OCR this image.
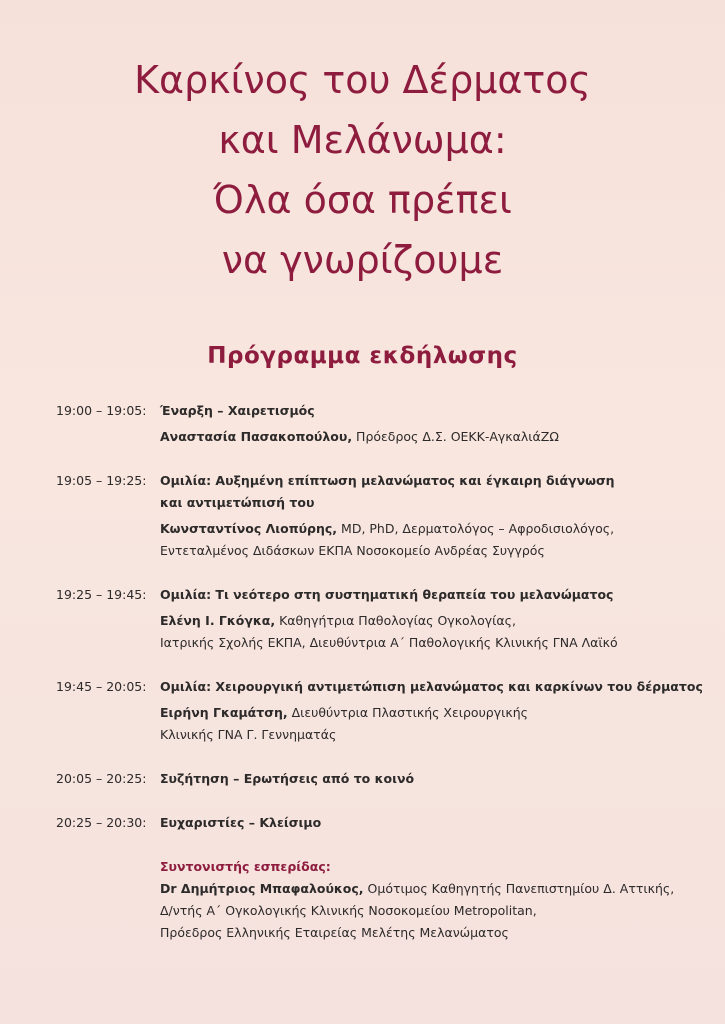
Καρκίνος του Δέρματος
και Μελάνωμα:
Όλα όσα πρέπει
να γνωρίζουμε
Πρόγραμμα εκδήλωσης
19:00 – 19:05:	Έναρξη – Χαιρετισμός
Αναστασία Πασακοπούλου, Πρόεδρος Δ.Σ. ΟΕΚΚ-ΑγκαλιάΖΩ
19:05 – 19:25:	Ομιλία: Αυξημένη επίπτωση μελανώματος και έγκαιρη διάγνωση
και αντιμετώπισή του
Κωνσταντίνος Λιοπύρης, MD, PhD, Δερματολόγος – Αφροδισιολόγος,
Εντεταλμένος Διδάσκων ΕΚΠΑ Νοσοκομείο Ανδρέας Συγγρός
19:25 – 19:45:	Ομιλία: Τι νεότερο στη συστηματική θεραπεία του μελανώματος
Ελένη Ι. Γκόγκα, Καθηγήτρια Παθολογίας Ογκολογίας,
Ιατρικής Σχολής ΕΚΠΑ, Διευθύντρια Α΄ Παθολογικής Κλινικής ΓΝΑ Λαϊκό
19:45 – 20:05:	Ομιλία: Χειρουργική αντιμετώπιση μελανώματος και καρκίνων του δέρματος
Ειρήνη Γκαμάτση, Διευθύντρια Πλαστικής Χειρουργικής
Κλινικής ΓΝΑ Γ. Γεννηματάς
20:05 – 20:25:	Συζήτηση – Ερωτήσεις από το κοινό
20:25 – 20:30:	Ευχαριστίες – Κλείσιμο
Συντονιστής εσπερίδας:
Dr Δημήτριος Μπαφαλούκος, Ομότιμος Καθηγητής Πανεπιστημίου Δ. Αττικής,
Δ/ντής Α΄ Ογκολογικής Κλινικής Νοσοκομείου Metropolitan,
Πρόεδρος Ελληνικής Εταιρείας Μελέτης Μελανώματος
